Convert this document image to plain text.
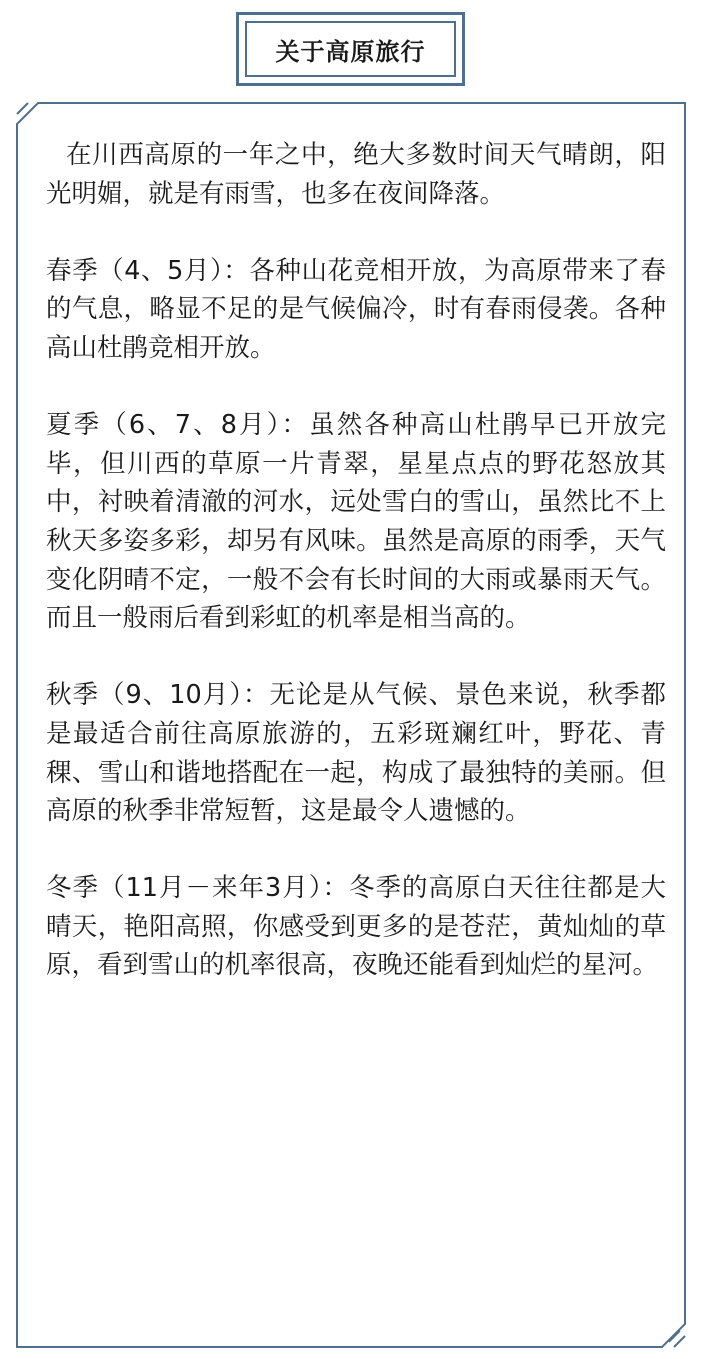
关于高原旅行

在川西高原的一年之中，绝大多数时间天气晴朗，阳光明媚，就是有雨雪，也多在夜间降落。

春季（4、5月）：各种山花竞相开放，为高原带来了春的气息，略显不足的是气候偏冷，时有春雨侵袭。各种高山杜鹃竞相开放。

夏季（6、7、8月）：虽然各种高山杜鹃早已开放完毕，但川西的草原一片青翠，星星点点的野花怒放其中，衬映着清澈的河水，远处雪白的雪山，虽然比不上秋天多姿多彩，却另有风味。虽然是高原的雨季，天气变化阴晴不定，一般不会有长时间的大雨或暴雨天气。而且一般雨后看到彩虹的机率是相当高的。

秋季（9、10月）：无论是从气候、景色来说，秋季都是最适合前往高原旅游的，五彩斑斓红叶，野花、青稞、雪山和谐地搭配在一起，构成了最独特的美丽。但高原的秋季非常短暂，这是最令人遗憾的。

冬季（11月－来年3月）：冬季的高原白天往往都是大晴天，艳阳高照，你感受到更多的是苍茫，黄灿灿的草原，看到雪山的机率很高，夜晚还能看到灿烂的星河。
